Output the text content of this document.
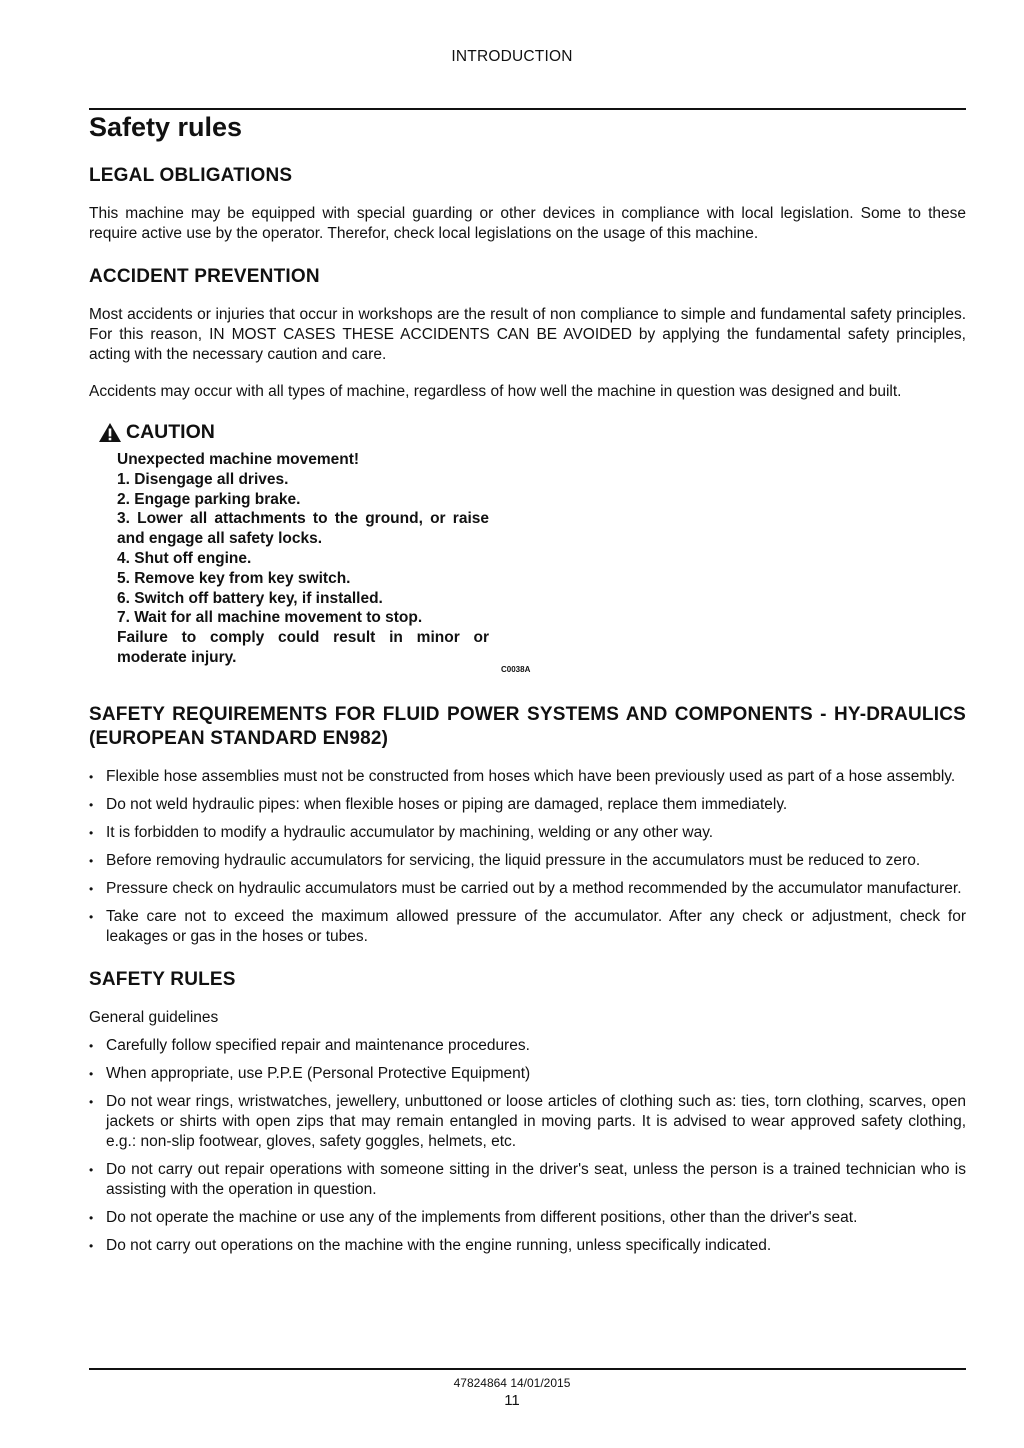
INTRODUCTION
Safety rules
LEGAL OBLIGATIONS

This machine may be equipped with special guarding or other devices in compliance with local legislation. Some to these require active use by the operator. Therefor, check local legislations on the usage of this machine.

ACCIDENT PREVENTION

Most accidents or injuries that occur in workshops are the result of non compliance to simple and fundamental safety principles. For this reason, IN MOST CASES THESE ACCIDENTS CAN BE AVOIDED by applying the fundamental safety principles, acting with the necessary caution and care.

Accidents may occur with all types of machine, regardless of how well the machine in question was designed and built.

CAUTION
Unexpected machine movement!
1. Disengage all drives.
2. Engage parking brake.
3. Lower all attachments to the ground, or raise and engage all safety locks.
4. Shut off engine.
5. Remove key from key switch.
6. Switch off battery key, if installed.
7. Wait for all machine movement to stop.
Failure to comply could result in minor or moderate injury.
C0038A
SAFETY REQUIREMENTS FOR FLUID POWER SYSTEMS AND COMPONENTS - HY-DRAULICS (EUROPEAN STANDARD EN982)
• Flexible hose assemblies must not be constructed from hoses which have been previously used as part of a hose assembly.
• Do not weld hydraulic pipes: when flexible hoses or piping are damaged, replace them immediately.
• It is forbidden to modify a hydraulic accumulator by machining, welding or any other way.
• Before removing hydraulic accumulators for servicing, the liquid pressure in the accumulators must be reduced to zero.
• Pressure check on hydraulic accumulators must be carried out by a method recommended by the accumulator manufacturer.
• Take care not to exceed the maximum allowed pressure of the accumulator. After any check or adjustment, check for leakages or gas in the hoses or tubes.
SAFETY RULES

General guidelines

• Carefully follow specified repair and maintenance procedures.
• When appropriate, use P.P.E (Personal Protective Equipment)
• Do not wear rings, wristwatches, jewellery, unbuttoned or loose articles of clothing such as: ties, torn clothing, scarves, open jackets or shirts with open zips that may remain entangled in moving parts. It is advised to wear approved safety clothing, e.g.: non-slip footwear, gloves, safety goggles, helmets, etc.
• Do not carry out repair operations with someone sitting in the driver's seat, unless the person is a trained technician who is assisting with the operation in question.
• Do not operate the machine or use any of the implements from different positions, other than the driver's seat.
• Do not carry out operations on the machine with the engine running, unless specifically indicated.
47824864 14/01/2015
11
